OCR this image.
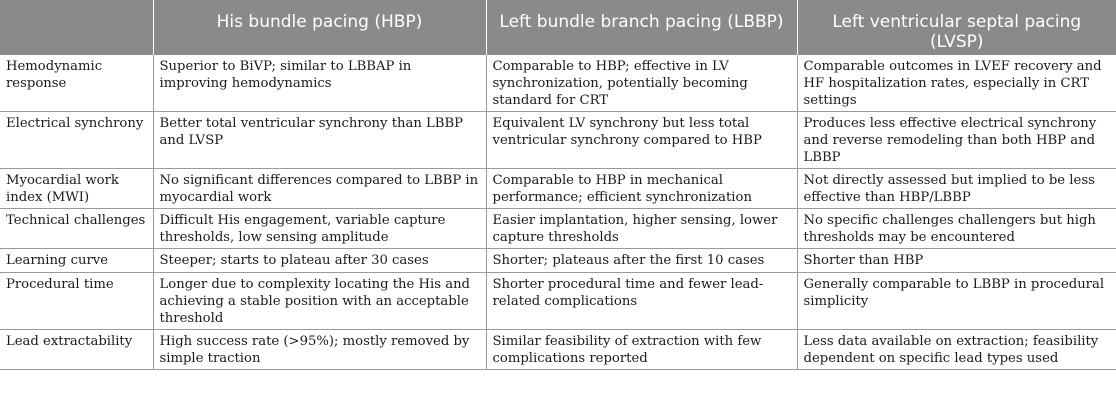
	His bundle pacing (HBP)	Left bundle branch pacing (LBBP)	Left ventricular septal pacing (LVSP)
Hemodynamic response	Superior to BiVP; similar to LBBAP in improving hemodynamics	Comparable to HBP; effective in LV synchronization, potentially becoming standard for CRT	Comparable outcomes in LVEF recovery and HF hospitalization rates, especially in CRT settings
Electrical synchrony	Better total ventricular synchrony than LBBP and LVSP	Equivalent LV synchrony but less total ventricular synchrony compared to HBP	Produces less effective electrical synchrony and reverse remodeling than both HBP and LBBP
Myocardial work index (MWI)	No significant differences compared to LBBP in myocardial work	Comparable to HBP in mechanical performance; efficient synchronization	Not directly assessed but implied to be less effective than HBP/LBBP
Technical challenges	Difficult His engagement, variable capture thresholds, low sensing amplitude	Easier implantation, higher sensing, lower capture thresholds	No specific challenges challengers but high thresholds may be encountered
Learning curve	Steeper; starts to plateau after 30 cases	Shorter; plateaus after the first 10 cases	Shorter than HBP
Procedural time	Longer due to complexity locating the His and achieving a stable position with an acceptable threshold	Shorter procedural time and fewer lead-related complications	Generally comparable to LBBP in procedural simplicity
Lead extractability	High success rate (>95%); mostly removed by simple traction	Similar feasibility of extraction with few complications reported	Less data available on extraction; feasibility dependent on specific lead types used
